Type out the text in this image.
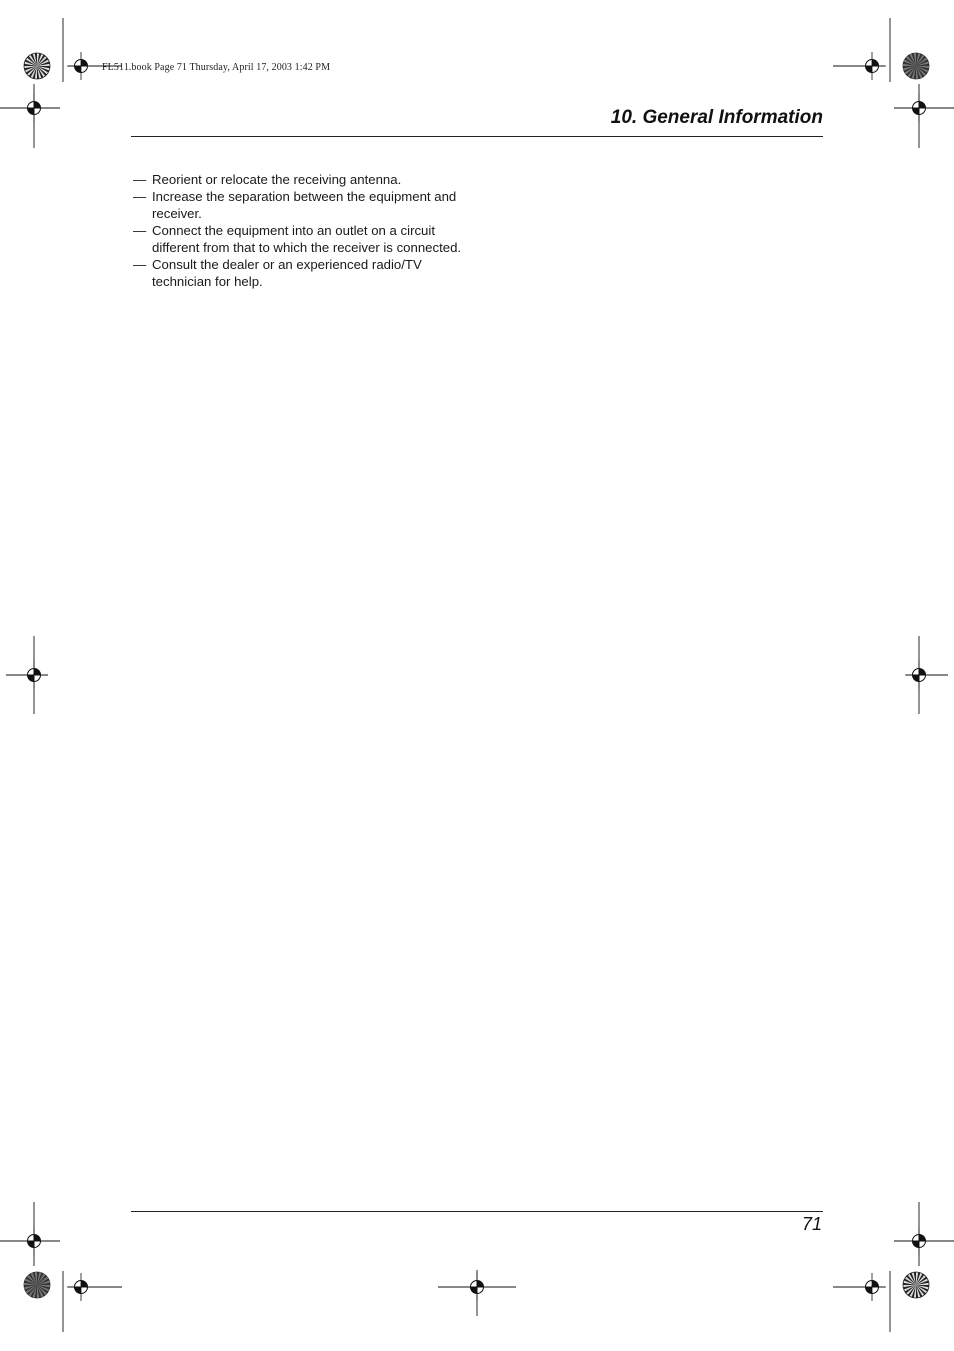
FL511.book Page 71 Thursday, April 17, 2003 1:42 PM
10. General Information
— Reorient or relocate the receiving antenna.
— Increase the separation between the equipment and receiver.
— Connect the equipment into an outlet on a circuit different from that to which the receiver is connected.
— Consult the dealer or an experienced radio/TV technician for help.
71
